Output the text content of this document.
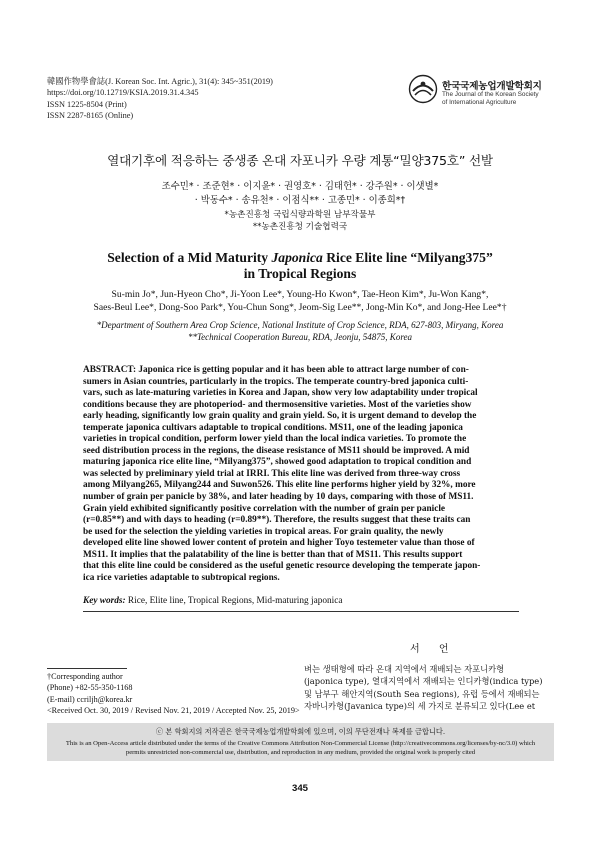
韓國作物學會誌(J. Korean Soc. Int. Agric.), 31(4): 345~351(2019)
https://doi.org/10.12719/KSIA.2019.31.4.345
ISSN 1225-8504 (Print)
ISSN 2287-8165 (Online)
한국국제농업개발학회지
The Journal of the Korean Society
of International Agriculture
열대기후에 적응하는 중생종 온대 자포니카 우량 계통“밀양375호” 선발
조수민* · 조준현* · 이지윤* · 권영호* · 김태헌* · 강주원* · 이샛별*
· 박동수* · 송유천* · 이점식** · 고종민* · 이종희*†
*농촌진흥청 국립식량과학원 남부작물부
**농촌진흥청 기술협력국
Selection of a Mid Maturity Japonica Rice Elite line “Milyang375”
in Tropical Regions
Su-min Jo*, Jun-Hyeon Cho*, Ji-Yoon Lee*, Young-Ho Kwon*, Tae-Heon Kim*, Ju-Won Kang*,
Saes-Beul Lee*, Dong-Soo Park*, You-Chun Song*, Jeom-Sig Lee**, Jong-Min Ko*, and Jong-Hee Lee*†
*Department of Southern Area Crop Science, National Institute of Crop Science, RDA, 627-803, Miryang, Korea
**Technical Cooperation Bureau, RDA, Jeonju, 54875, Korea
ABSTRACT: Japonica rice is getting popular and it has been able to attract large number of con-
sumers in Asian countries, particularly in the tropics. The temperate country-bred japonica culti-
vars, such as late-maturing varieties in Korea and Japan, show very low adaptability under tropical
conditions because they are photoperiod- and thermosensitive varieties. Most of the varieties show
early heading, significantly low grain quality and grain yield. So, it is urgent demand to develop the
temperate japonica cultivars adaptable to tropical conditions. MS11, one of the leading japonica
varieties in tropical condition, perform lower yield than the local indica varieties. To promote the
seed distribution process in the regions, the disease resistance of MS11 should be improved. A mid
maturing japonica rice elite line, “Milyang375”, showed good adaptation to tropical condition and
was selected by preliminary yield trial at IRRI. This elite line was derived from three-way cross
among Milyang265, Milyang244 and Suwon526. This elite line performs higher yield by 32%, more
number of grain per panicle by 38%, and later heading by 10 days, comparing with those of MS11.
Grain yield exhibited significantly positive correlation with the number of grain per panicle
(r=0.85**) and with days to heading (r=0.89**). Therefore, the results suggest that these traits can
be used for the selection the yielding varieties in tropical areas. For grain quality, the newly
developed elite line showed lower content of protein and higher Toyo testemeter value than those of
MS11. It implies that the palatability of the line is better than that of MS11. This results support
that this elite line could be considered as the useful genetic resource developing the temperate japon-
ica rice varieties adaptable to subtropical regions.
Key words: Rice, Elite line, Tropical Regions, Mid-maturing japonica
서 언
†Corresponding author
(Phone) +82-55-350-1168
(E-mail) ccriljh@korea.kr
<Received Oct. 30, 2019 / Revised Nov. 21, 2019 / Accepted Nov. 25, 2019>
벼는 생태형에 따라 온대 지역에서 재배되는 자포니카형
(japonica type), 열대지역에서 재배되는 인디카형(indica type)
및 남부구 해안지역(South Sea regions), 유럽 등에서 재배되는
자바니카형(Javanica type)의 세 가지로 분류되고 있다(Lee et
ⓒ 본 학회지의 저작권은 한국국제농업개발학회에 있으며, 이의 무단전재나 복제를 금합니다.
This is an Open-Access article distributed under the terms of the Creative Commons Attribution Non-Commercial License (http://creativecommons.org/licenses/by-nc/3.0) which
permits unrestricted non-commercial use, distribution, and reproduction in any medium, provided the original work is properly cited
345
